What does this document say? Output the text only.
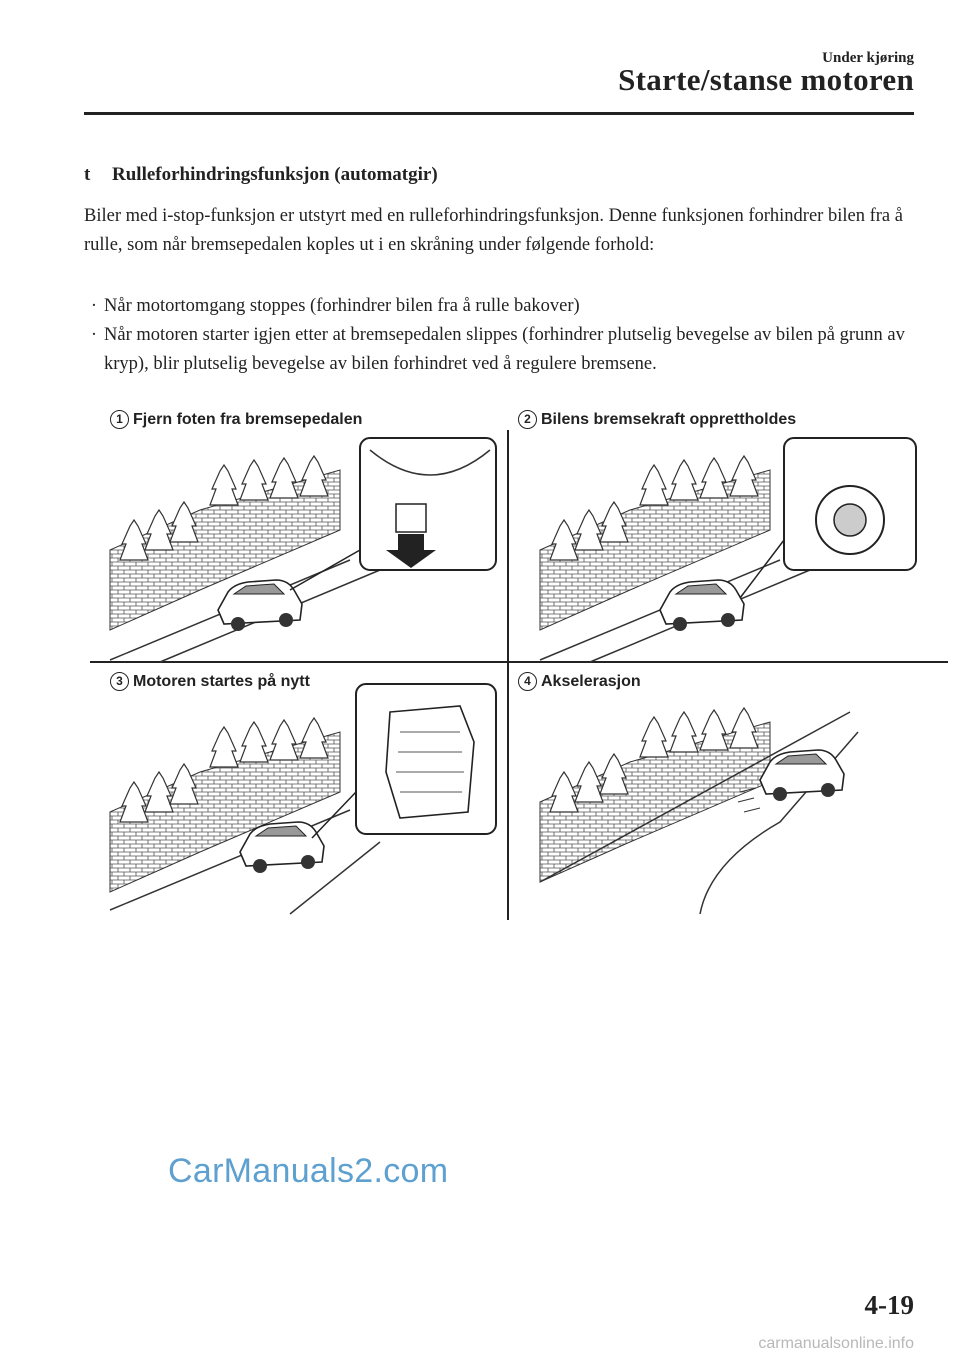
Under kjøring
Starte/stanse motoren
t Rulleforhindringsfunksjon (automatgir)
Biler med i-stop-funksjon er utstyrt med en rulleforhindringsfunksjon. Denne funksjonen forhindrer bilen fra å rulle, som når bremsepedalen koples ut i en skråning under følgende forhold:
· Når motortomgang stoppes (forhindrer bilen fra å rulle bakover)
· Når motoren starter igjen etter at bremsepedalen slippes (forhindrer plutselig bevegelse av bilen på grunn av kryp), blir plutselig bevegelse av bilen forhindret ved å regulere bremsene.
1 Fjern foten fra bremsepedalen	2 Bilens bremsekraft opprettholdes
3 Motoren startes på nytt	4 Akselerasjon
CarManuals2.com
4-19
carmanualsonline.info
